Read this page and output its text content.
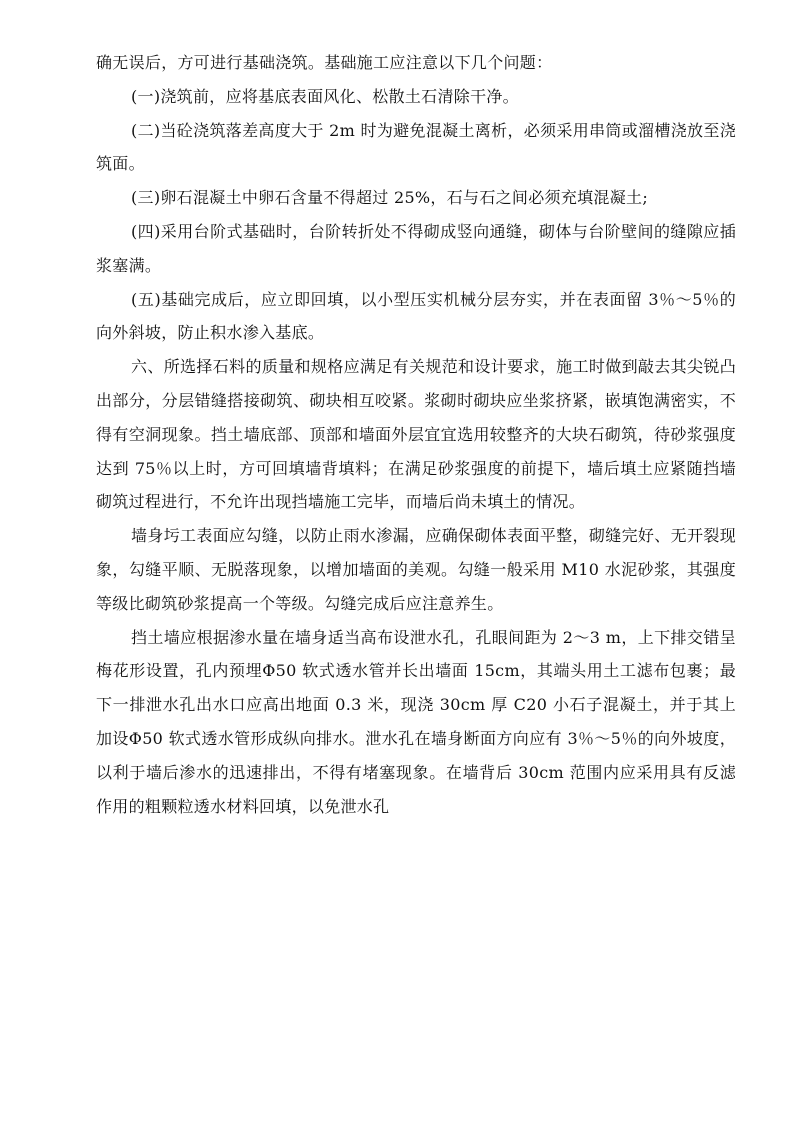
确无误后，方可进行基础浇筑。基础施工应注意以下几个问题：

(一)浇筑前，应将基底表面风化、松散土石清除干净。

(二)当砼浇筑落差高度大于 2m 时为避免混凝土离析，必须采用串筒或溜槽浇放至浇筑面。

(三)卵石混凝土中卵石含量不得超过 25%，石与石之间必须充填混凝土;

(四)采用台阶式基础时，台阶转折处不得砌成竖向通缝，砌体与台阶壁间的缝隙应插浆塞满。

(五)基础完成后，应立即回填，以小型压实机械分层夯实，并在表面留 3％～5％的向外斜坡，防止积水渗入基底。

六、所选择石料的质量和规格应满足有关规范和设计要求，施工时做到敲去其尖锐凸出部分，分层错缝搭接砌筑、砌块相互咬紧。浆砌时砌块应坐浆挤紧，嵌填饱满密实，不得有空洞现象。挡土墙底部、顶部和墙面外层宜宜选用较整齐的大块石砌筑，待砂浆强度达到 75％以上时，方可回填墙背填料；在满足砂浆强度的前提下，墙后填土应紧随挡墙砌筑过程进行，不允许出现挡墙施工完毕，而墙后尚未填土的情况。

墙身圬工表面应勾缝，以防止雨水渗漏，应确保砌体表面平整，砌缝完好、无开裂现象，勾缝平顺、无脱落现象，以增加墙面的美观。勾缝一般采用 M10 水泥砂浆，其强度等级比砌筑砂浆提高一个等级。勾缝完成后应注意养生。

挡土墙应根据渗水量在墙身适当高布设泄水孔，孔眼间距为 2～3 m，上下排交错呈梅花形设置，孔内预埋Φ50 软式透水管并长出墙面 15cm，其端头用土工滤布包裹；最下一排泄水孔出水口应高出地面 0.3 米，现浇 30cm 厚 C20 小石子混凝土，并于其上加设Φ50 软式透水管形成纵向排水。泄水孔在墙身断面方向应有 3％～5％的向外坡度，以利于墙后渗水的迅速排出，不得有堵塞现象。在墙背后 30cm 范围内应采用具有反滤作用的粗颗粒透水材料回填，以免泄水孔
